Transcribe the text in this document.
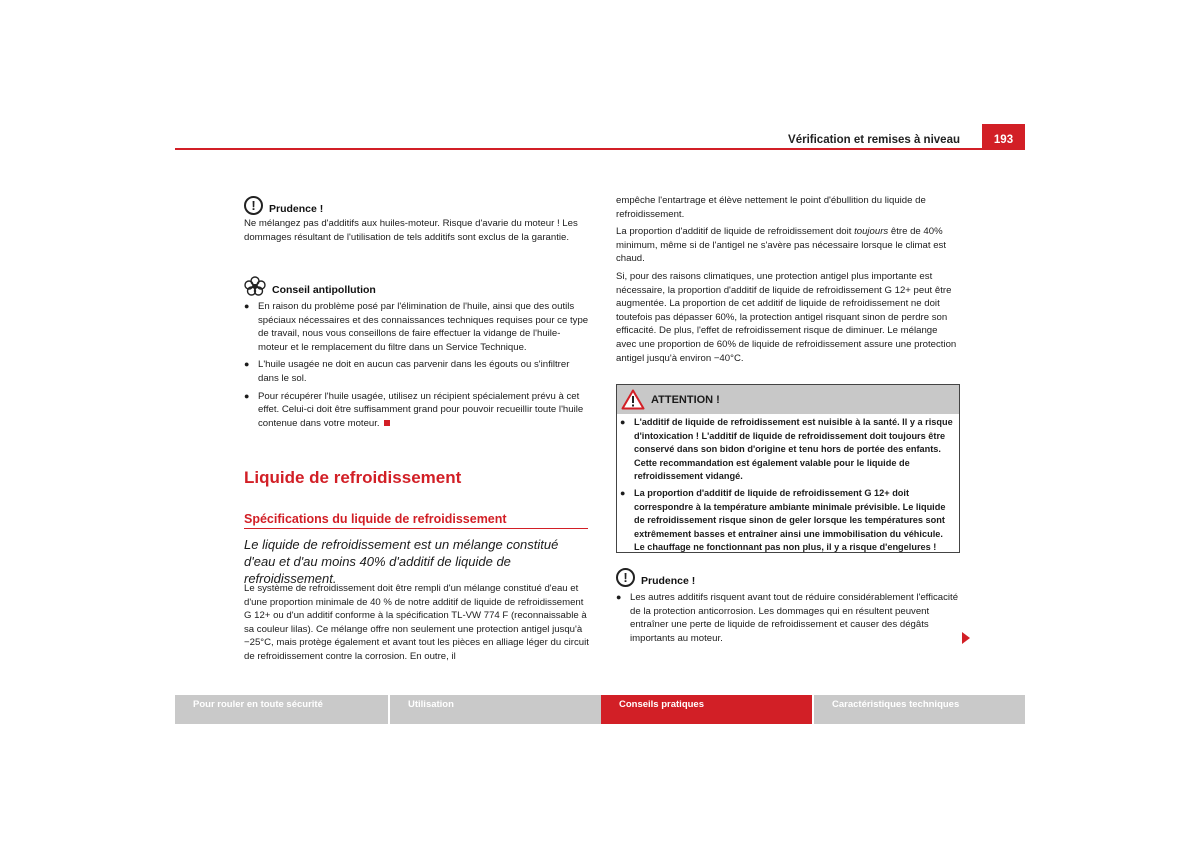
Vérification et remises à niveau	193
!	Prudence !

Ne mélangez pas d'additifs aux huiles-moteur. Risque d'avarie du moteur ! Les dommages résultant de l'utilisation de tels additifs sont exclus de la garantie.

Conseil antipollution

● En raison du problème posé par l'élimination de l'huile, ainsi que des outils spéciaux nécessaires et des connaissances techniques requises pour ce type de travail, nous vous conseillons de faire effectuer la vidange de l'huile-moteur et le remplacement du filtre dans un Service Technique.

● L'huile usagée ne doit en aucun cas parvenir dans les égouts ou s'infiltrer dans le sol.

● Pour récupérer l'huile usagée, utilisez un récipient spécialement prévu à cet effet. Celui-ci doit être suffisamment grand pour pouvoir recueillir toute l'huile contenue dans votre moteur.

Liquide de refroidissement
Spécifications du liquide de refroidissement

Le liquide de refroidissement est un mélange constitué d'eau et d'au moins 40% d'additif de liquide de refroidissement.

Le système de refroidissement doit être rempli d'un mélange constitué d'eau et d'une proportion minimale de 40 % de notre additif de liquide de refroidissement G 12+ ou d'un additif conforme à la spécification TL-VW 774 F (reconnaissable à sa couleur lilas). Ce mélange offre non seulement une protection antigel jusqu'à −25°C, mais protège également et avant tout les pièces en alliage léger du circuit de refroidissement contre la corrosion. En outre, il

empêche l'entartrage et élève nettement le point d'ébullition du liquide de refroidissement.

La proportion d'additif de liquide de refroidissement doit toujours être de 40% minimum, même si de l'antigel ne s'avère pas nécessaire lorsque le climat est chaud.

Si, pour des raisons climatiques, une protection antigel plus importante est nécessaire, la proportion d'additif de liquide de refroidissement G 12+ peut être augmentée. La proportion de cet additif de liquide de refroidissement ne doit toutefois pas dépasser 60%, la protection antigel risquant sinon de perdre son efficacité. De plus, l'effet de refroidissement risque de diminuer. Le mélange avec une proportion de 60% de liquide de refroidissement assure une protection antigel jusqu'à environ −40°C.

ATTENTION !

● L'additif de liquide de refroidissement est nuisible à la santé. Il y a risque d'intoxication ! L'additif de liquide de refroidissement doit toujours être conservé dans son bidon d'origine et tenu hors de portée des enfants. Cette recommandation est également valable pour le liquide de refroidissement vidangé.

● La proportion d'additif de liquide de refroidissement G 12+ doit correspondre à la température ambiante minimale prévisible. Le liquide de refroidissement risque sinon de geler lorsque les températures sont extrêmement basses et entraîner ainsi une immobilisation du véhicule. Le chauffage ne fonctionnant pas non plus, il y a risque d'engelures !

!	Prudence !

● Les autres additifs risquent avant tout de réduire considérablement l'efficacité de la protection anticorrosion. Les dommages qui en résultent peuvent entraîner une perte de liquide de refroidissement et causer des dégâts importants au moteur.

Pour rouler en toute sécurité	Utilisation	Conseils pratiques	Caractéristiques techniques
